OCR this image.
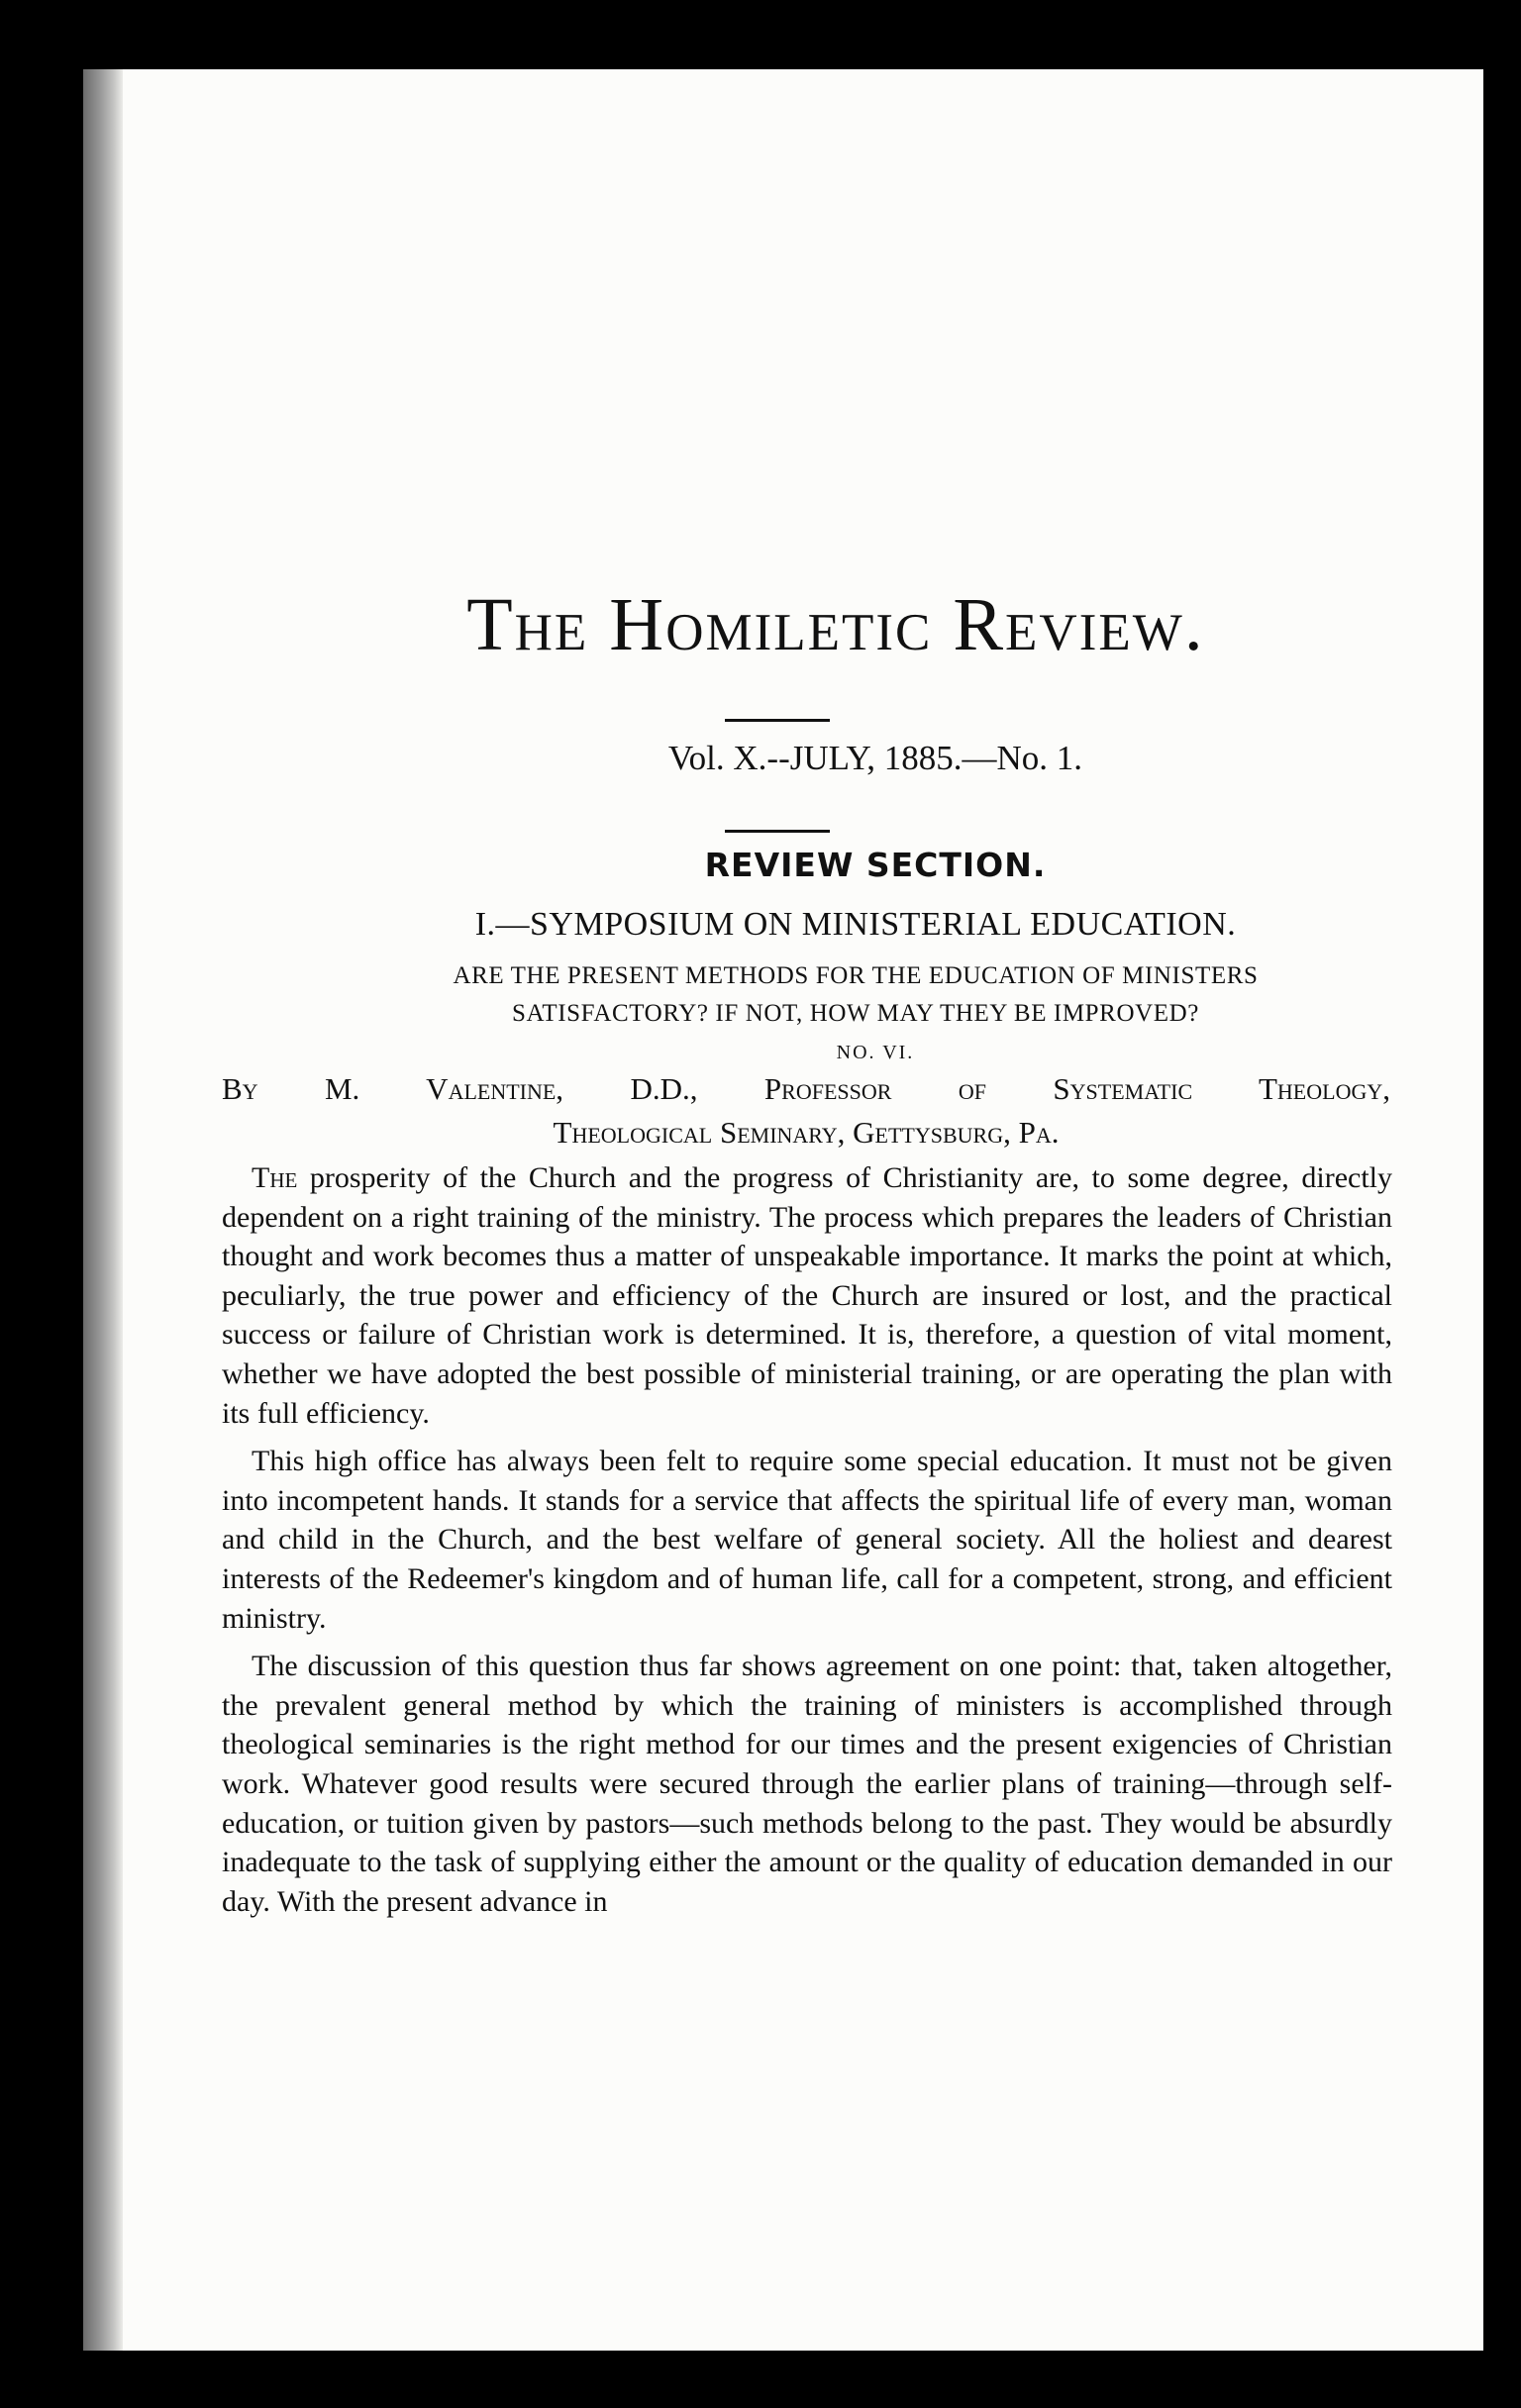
The Homiletic Review.
Vol. X.--JULY, 1885.—No. 1.
REVIEW SECTION.
I.—SYMPOSIUM ON MINISTERIAL EDUCATION.
ARE THE PRESENT METHODS FOR THE EDUCATION OF MINISTERS
SATISFACTORY? IF NOT, HOW MAY THEY BE IMPROVED?
NO. VI.
By M. Valentine, D.D., Professor of Systematic Theology,
Theological Seminary, Gettysburg, Pa.

The prosperity of the Church and the progress of Christianity are, to some degree, directly dependent on a right training of the ministry. The process which prepares the leaders of Christian thought and work becomes thus a matter of unspeakable importance. It marks the point at which, peculiarly, the true power and efficiency of the Church are insured or lost, and the practical success or failure of Christian work is determined. It is, therefore, a question of vital moment, whether we have adopted the best possible of ministerial training, or are operating the plan with its full efficiency.

This high office has always been felt to require some special education. It must not be given into incompetent hands. It stands for a service that affects the spiritual life of every man, woman and child in the Church, and the best welfare of general society. All the holiest and dearest interests of the Redeemer's kingdom and of human life, call for a competent, strong, and efficient ministry.

The discussion of this question thus far shows agreement on one point: that, taken altogether, the prevalent general method by which the training of ministers is accomplished through theological seminaries is the right method for our times and the present exigencies of Christian work. Whatever good results were secured through the earlier plans of training—through self-education, or tuition given by pastors—such methods belong to the past. They would be absurdly inadequate to the task of supplying either the amount or the quality of education demanded in our day. With the present advance in
